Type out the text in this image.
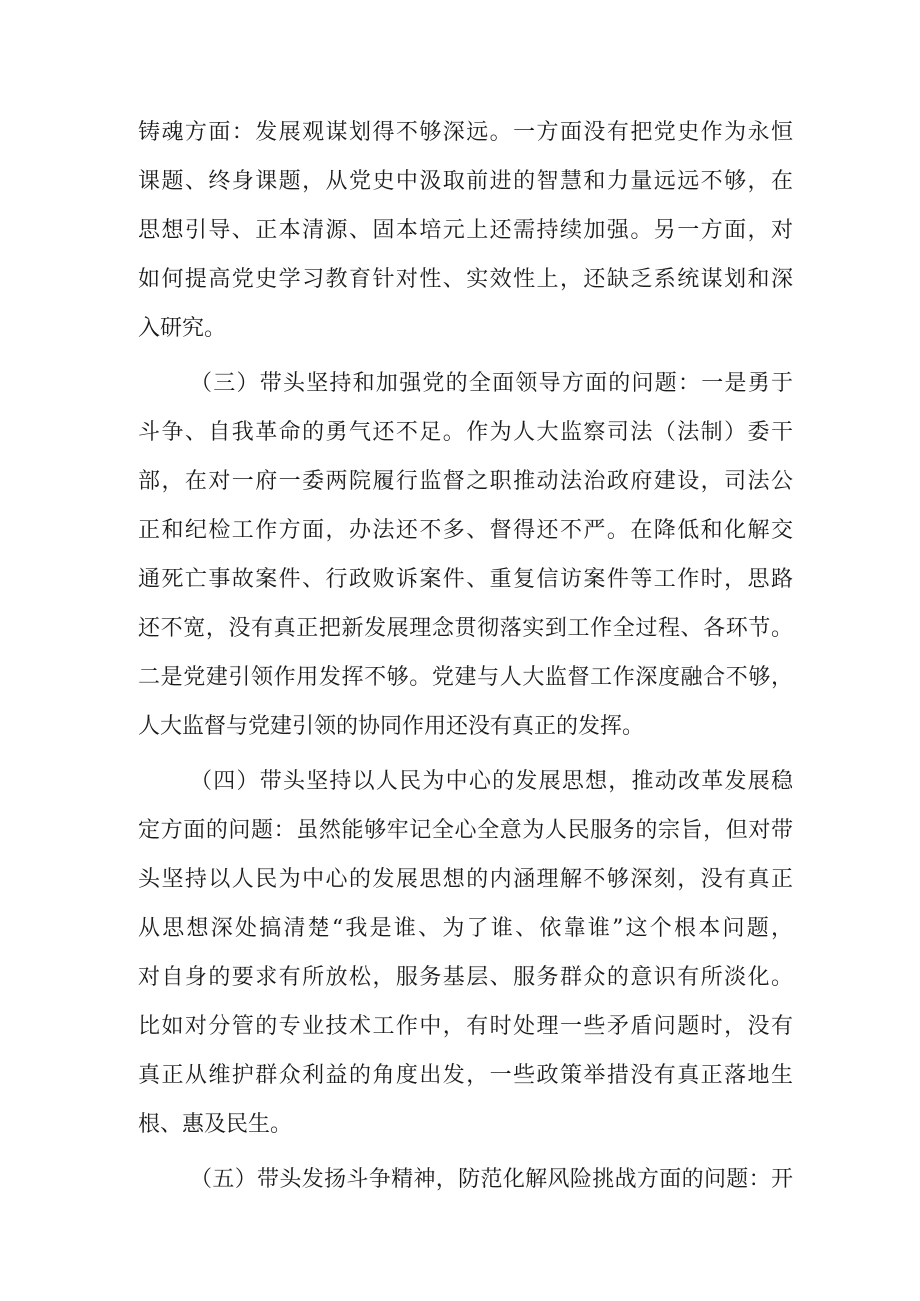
铸魂方面：发展观谋划得不够深远。一方面没有把党史作为永恒
课题、终身课题，从党史中汲取前进的智慧和力量远远不够，在
思想引导、正本清源、固本培元上还需持续加强。另一方面，对
如何提高党史学习教育针对性、实效性上，还缺乏系统谋划和深
入研究。
（三）带头坚持和加强党的全面领导方面的问题：一是勇于
斗争、自我革命的勇气还不足。作为人大监察司法（法制）委干
部，在对一府一委两院履行监督之职推动法治政府建设，司法公
正和纪检工作方面，办法还不多、督得还不严。在降低和化解交
通死亡事故案件、行政败诉案件、重复信访案件等工作时，思路
还不宽，没有真正把新发展理念贯彻落实到工作全过程、各环节。
二是党建引领作用发挥不够。党建与人大监督工作深度融合不够，
人大监督与党建引领的协同作用还没有真正的发挥。
（四）带头坚持以人民为中心的发展思想，推动改革发展稳
定方面的问题：虽然能够牢记全心全意为人民服务的宗旨，但对带
头坚持以人民为中心的发展思想的内涵理解不够深刻，没有真正
从思想深处搞清楚“我是谁、为了谁、依靠谁”这个根本问题，
对自身的要求有所放松，服务基层、服务群众的意识有所淡化。
比如对分管的专业技术工作中，有时处理一些矛盾问题时，没有
真正从维护群众利益的角度出发，一些政策举措没有真正落地生
根、惠及民生。
（五）带头发扬斗争精神，防范化解风险挑战方面的问题：开
